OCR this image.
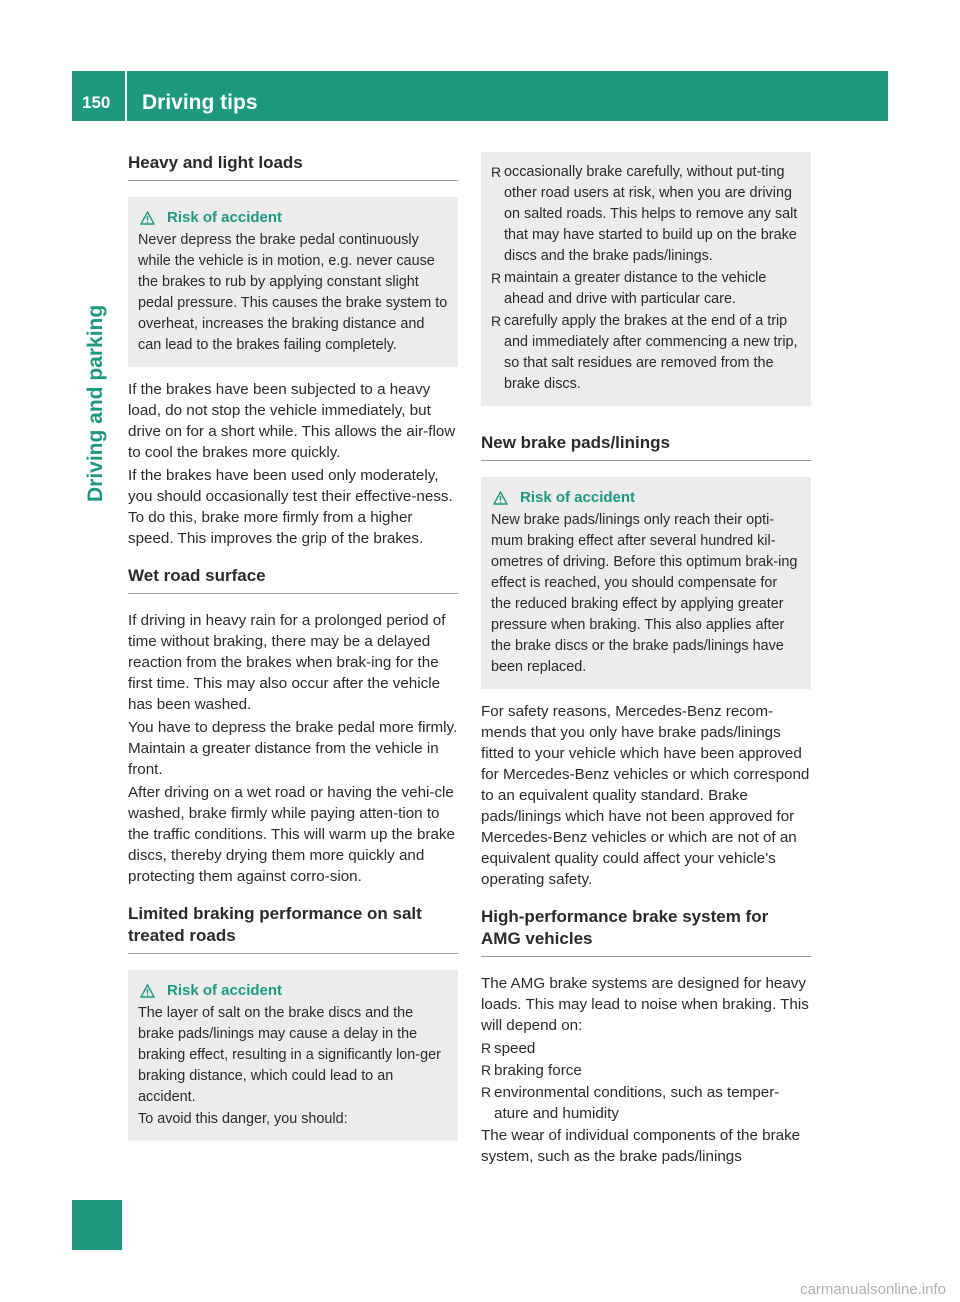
150 Driving tips
Driving and parking
Heavy and light loads
Risk of accident

Never depress the brake pedal continuously while the vehicle is in motion, e.g. never cause the brakes to rub by applying constant slight pedal pressure. This causes the brake system to overheat, increases the braking distance and can lead to the brakes failing completely.

If the brakes have been subjected to a heavy load, do not stop the vehicle immediately, but drive on for a short while. This allows the air-flow to cool the brakes more quickly.

If the brakes have been used only moderately, you should occasionally test their effective-ness. To do this, brake more firmly from a higher speed. This improves the grip of the brakes.

Wet road surface

If driving in heavy rain for a prolonged period of time without braking, there may be a delayed reaction from the brakes when brak-ing for the first time. This may also occur after the vehicle has been washed.

You have to depress the brake pedal more firmly. Maintain a greater distance from the vehicle in front.

After driving on a wet road or having the vehi-cle washed, brake firmly while paying atten-tion to the traffic conditions. This will warm up the brake discs, thereby drying them more quickly and protecting them against corro-sion.

Limited braking performance on salt treated roads
Risk of accident

The layer of salt on the brake discs and the brake pads/linings may cause a delay in the braking effect, resulting in a significantly lon-ger braking distance, which could lead to an accident.

To avoid this danger, you should:

R occasionally brake carefully, without put-ting other road users at risk, when you are driving on salted roads. This helps to remove any salt that may have started to build up on the brake discs and the brake pads/linings.
R maintain a greater distance to the vehicle ahead and drive with particular care.
R carefully apply the brakes at the end of a trip and immediately after commencing a new trip, so that salt residues are removed from the brake discs.
New brake pads/linings
Risk of accident

New brake pads/linings only reach their opti-mum braking effect after several hundred kil-ometres of driving. Before this optimum brak-ing effect is reached, you should compensate for the reduced braking effect by applying greater pressure when braking. This also applies after the brake discs or the brake pads/linings have been replaced.

For safety reasons, Mercedes-Benz recom-mends that you only have brake pads/linings fitted to your vehicle which have been approved for Mercedes-Benz vehicles or which correspond to an equivalent quality standard. Brake pads/linings which have not been approved for Mercedes-Benz vehicles or which are not of an equivalent quality could affect your vehicle's operating safety.

High-performance brake system for AMG vehicles

The AMG brake systems are designed for heavy loads. This may lead to noise when braking. This will depend on:

R speed
R braking force
R environmental conditions, such as temper-ature and humidity

The wear of individual components of the brake system, such as the brake pads/linings

carmanualsonline.info
